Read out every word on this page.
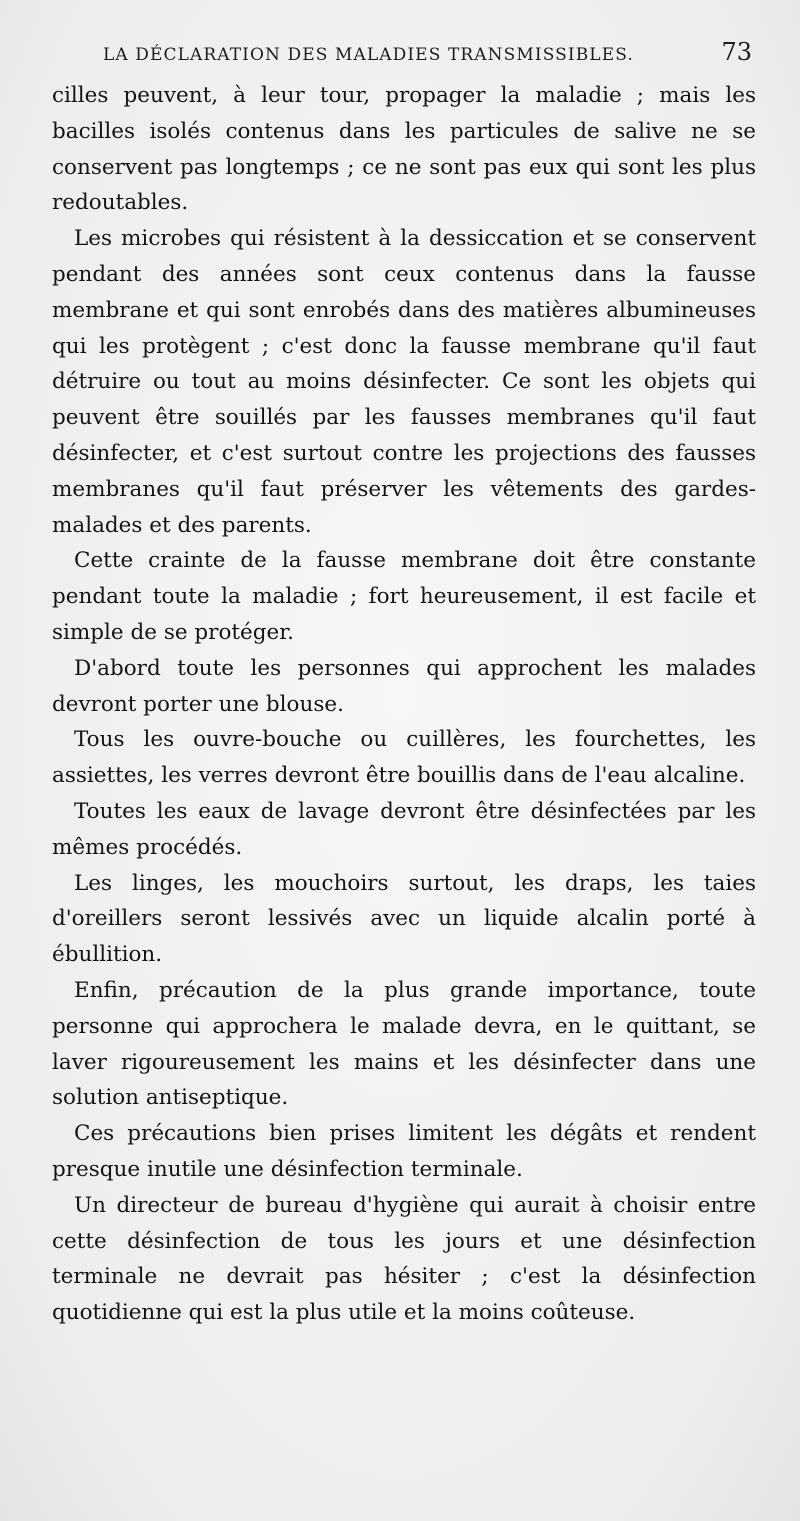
LA DÉCLARATION DES MALADIES TRANSMISSIBLES.	73

cilles peuvent, à leur tour, propager la maladie ; mais les bacilles isolés contenus dans les particules de salive ne se conservent pas longtemps ; ce ne sont pas eux qui sont les plus redoutables.

Les microbes qui résistent à la dessiccation et se conservent pendant des années sont ceux contenus dans la fausse membrane et qui sont enrobés dans des matières albumineuses qui les protègent ; c'est donc la fausse membrane qu'il faut détruire ou tout au moins désinfecter. Ce sont les objets qui peuvent être souillés par les fausses membranes qu'il faut désinfecter, et c'est surtout contre les projections des fausses membranes qu'il faut préserver les vêtements des gardes-malades et des parents.

Cette crainte de la fausse membrane doit être constante pendant toute la maladie ; fort heureusement, il est facile et simple de se protéger.

D'abord toute les personnes qui approchent les malades devront porter une blouse.

Tous les ouvre-bouche ou cuillères, les fourchettes, les assiettes, les verres devront être bouillis dans de l'eau alcaline.

Toutes les eaux de lavage devront être désinfectées par les mêmes procédés.

Les linges, les mouchoirs surtout, les draps, les taies d'oreillers seront lessivés avec un liquide alcalin porté à ébullition.

Enfin, précaution de la plus grande importance, toute personne qui approchera le malade devra, en le quittant, se laver rigoureusement les mains et les désinfecter dans une solution antiseptique.

Ces précautions bien prises limitent les dégâts et rendent presque inutile une désinfection terminale.

Un directeur de bureau d'hygiène qui aurait à choisir entre cette désinfection de tous les jours et une désinfection terminale ne devrait pas hésiter ; c'est la désinfection quotidienne qui est la plus utile et la moins coûteuse.
